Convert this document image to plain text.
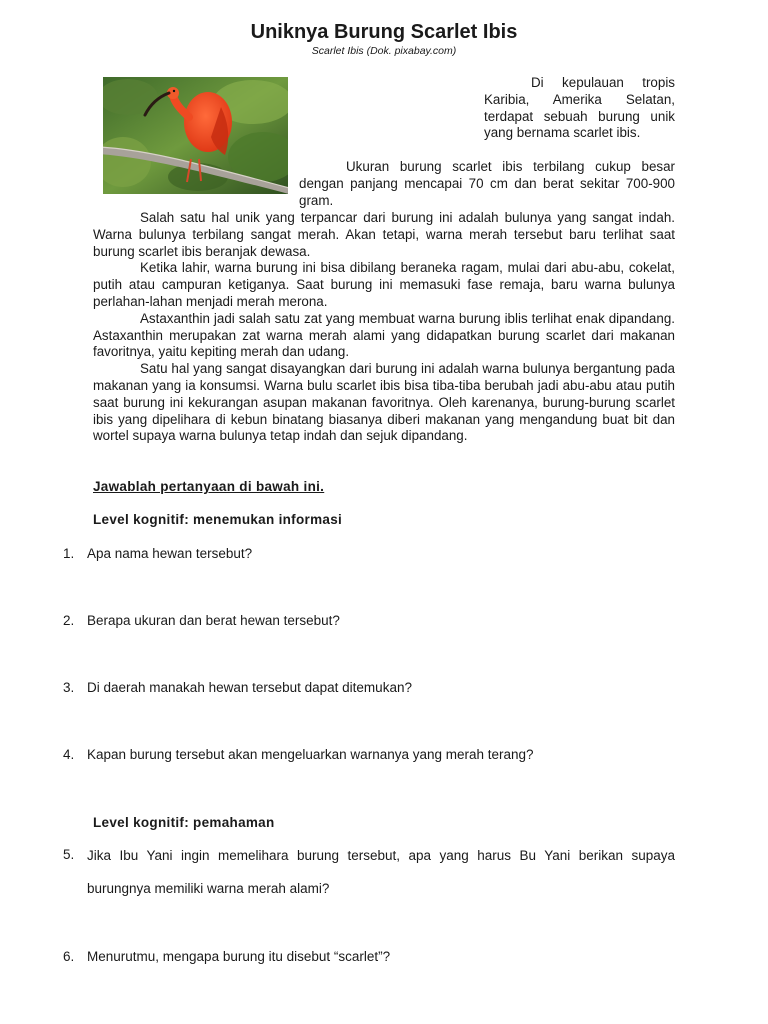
Uniknya Burung Scarlet Ibis
Scarlet Ibis (Dok. pixabay.com)

Di kepulauan tropis Karibia, Amerika Selatan, terdapat sebuah burung unik yang bernama scarlet ibis.

Ukuran burung scarlet ibis terbilang cukup besar dengan panjang mencapai 70 cm dan berat sekitar 700-900 gram.

Salah satu hal unik yang terpancar dari burung ini adalah bulunya yang sangat indah. Warna bulunya terbilang sangat merah. Akan tetapi, warna merah tersebut baru terlihat saat burung scarlet ibis beranjak dewasa.

Ketika lahir, warna burung ini bisa dibilang beraneka ragam, mulai dari abu-abu, cokelat, putih atau campuran ketiganya. Saat burung ini memasuki fase remaja, baru warna bulunya perlahan-lahan menjadi merah merona.

Astaxanthin jadi salah satu zat yang membuat warna burung iblis terlihat enak dipandang. Astaxanthin merupakan zat warna merah alami yang didapatkan burung scarlet dari makanan favoritnya, yaitu kepiting merah dan udang.

Satu hal yang sangat disayangkan dari burung ini adalah warna bulunya bergantung pada makanan yang ia konsumsi. Warna bulu scarlet ibis bisa tiba-tiba berubah jadi abu-abu atau putih saat burung ini kekurangan asupan makanan favoritnya. Oleh karenanya, burung-burung scarlet ibis yang dipelihara di kebun binatang biasanya diberi makanan yang mengandung buat bit dan wortel supaya warna bulunya tetap indah dan sejuk dipandang.

Jawablah pertanyaan di bawah ini.
Level kognitif: menemukan informasi
1. Apa nama hewan tersebut?
2. Berapa ukuran dan berat hewan tersebut?
3. Di daerah manakah hewan tersebut dapat ditemukan?
4. Kapan burung tersebut akan mengeluarkan warnanya yang merah terang?
Level kognitif: pemahaman
5. Jika Ibu Yani ingin memelihara burung tersebut, apa yang harus Bu Yani berikan supaya burungnya memiliki warna merah alami?
6. Menurutmu, mengapa burung itu disebut “scarlet”?
